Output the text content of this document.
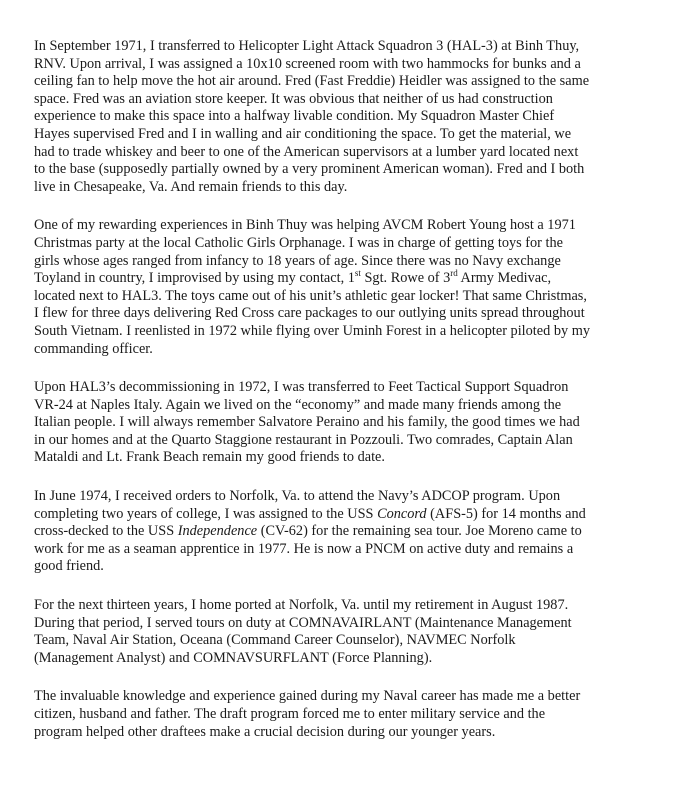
In September 1971, I transferred to Helicopter Light Attack Squadron 3 (HAL-3) at Binh Thuy,
RNV. Upon arrival, I was assigned a 10x10 screened room with two hammocks for bunks and a
ceiling fan to help move the hot air around. Fred (Fast Freddie) Heidler was assigned to the same
space. Fred was an aviation store keeper. It was obvious that neither of us had construction
experience to make this space into a halfway livable condition. My Squadron Master Chief
Hayes supervised Fred and I in walling and air conditioning the space. To get the material, we
had to trade whiskey and beer to one of the American supervisors at a lumber yard located next
to the base (supposedly partially owned by a very prominent American woman). Fred and I both
live in Chesapeake, Va. And remain friends to this day.

One of my rewarding experiences in Binh Thuy was helping AVCM Robert Young host a 1971
Christmas party at the local Catholic Girls Orphanage. I was in charge of getting toys for the
girls whose ages ranged from infancy to 18 years of age. Since there was no Navy exchange
Toyland in country, I improvised by using my contact, 1st Sgt. Rowe of 3rd Army Medivac,
located next to HAL3. The toys came out of his unit’s athletic gear locker! That same Christmas,
I flew for three days delivering Red Cross care packages to our outlying units spread throughout
South Vietnam. I reenlisted in 1972 while flying over Uminh Forest in a helicopter piloted by my
commanding officer.

Upon HAL3’s decommissioning in 1972, I was transferred to Feet Tactical Support Squadron
VR-24 at Naples Italy. Again we lived on the “economy” and made many friends among the
Italian people. I will always remember Salvatore Peraino and his family, the good times we had
in our homes and at the Quarto Staggione restaurant in Pozzouli. Two comrades, Captain Alan
Mataldi and Lt. Frank Beach remain my good friends to date.

In June 1974, I received orders to Norfolk, Va. to attend the Navy’s ADCOP program. Upon
completing two years of college, I was assigned to the USS Concord (AFS-5) for 14 months and
cross-decked to the USS Independence (CV-62) for the remaining sea tour. Joe Moreno came to
work for me as a seaman apprentice in 1977. He is now a PNCM on active duty and remains a
good friend.

For the next thirteen years, I home ported at Norfolk, Va. until my retirement in August 1987.
During that period, I served tours on duty at COMNAVAIRLANT (Maintenance Management
Team, Naval Air Station, Oceana (Command Career Counselor), NAVMEC Norfolk
(Management Analyst) and COMNAVSURFLANT (Force Planning).

The invaluable knowledge and experience gained during my Naval career has made me a better
citizen, husband and father. The draft program forced me to enter military service and the
program helped other draftees make a crucial decision during our younger years.
